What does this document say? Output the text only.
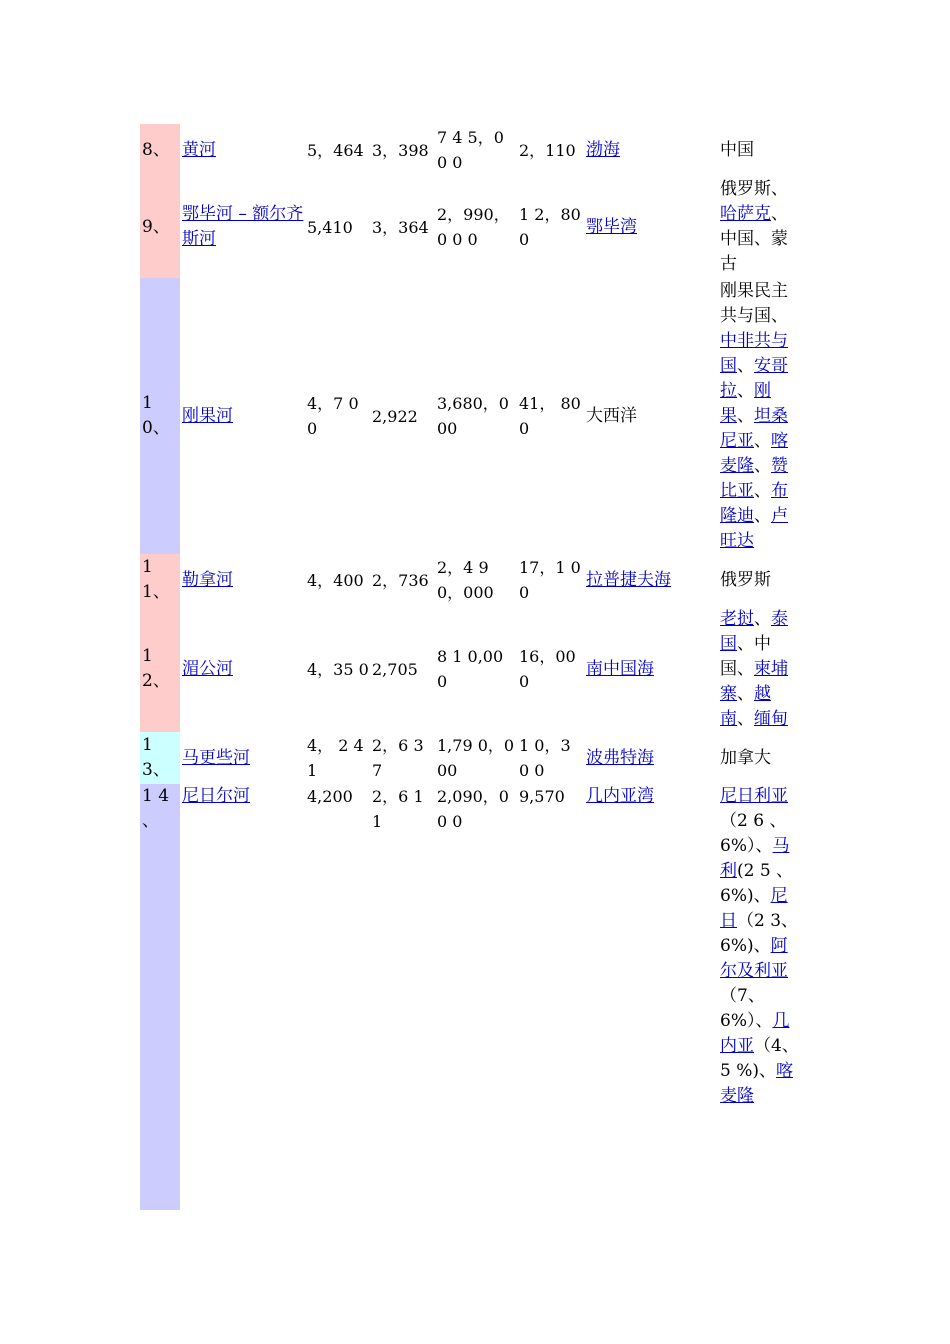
8、	黄河	5，464	3，398	7 4 5，0 0 0	2，110	渤海	中国
9、	鄂毕河 – 额尔齐斯河	5,410	3，364	2，990，0 0 0	1 2，800	鄂毕湾	俄罗斯、哈萨克、中国、蒙古
10、	刚果河	4，7 0 0	2,922	3,680，000	41， 800	大西洋	刚果民主共与国、中非共与国、安哥拉、刚果、坦桑尼亚、喀麦隆、赞比亚、布隆迪、卢旺达
11、	勒拿河	4，400	2，736	2，4 9 0，000	17，1 0 0	拉普捷夫海	俄罗斯
12、	湄公河	4，35 0	2,705	8 1 0,00 0	16，00 0	南中国海	老挝、泰国、中国、柬埔寨、越南、缅甸
1 3、	马更些河	4， 2 4 1	2，6 3 7	1,79 0，0 00	1 0，3 0 0	波弗特海	加拿大
1 4 、	尼日尔河	4,200	2，6 1 1	2,090，0 0 0	9,570	几内亚湾	尼日利亚（2 6 、6%）、马利(2 5 、6%)、尼日（2 3、6%)、阿尔及利亚（7、6%）、几内亚（4、 5 %)、喀麦隆
